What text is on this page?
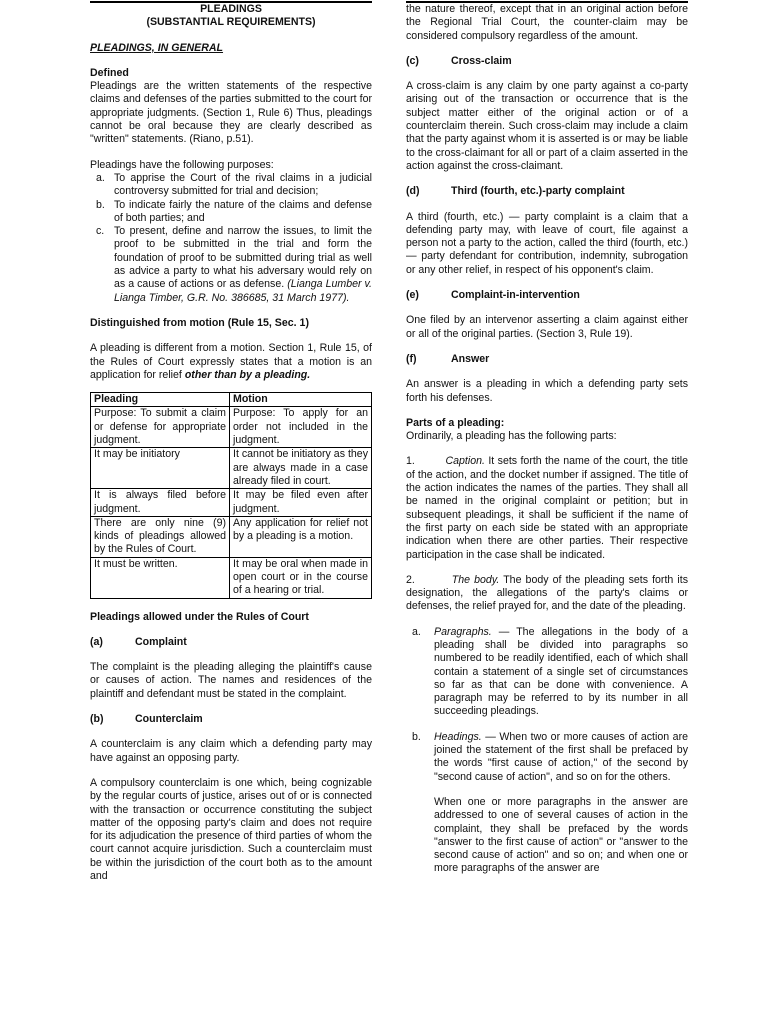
PLEADINGS
(SUBSTANTIAL REQUIREMENTS)
PLEADINGS, IN GENERAL
Defined

Pleadings are the written statements of the respective claims and defenses of the parties submitted to the court for appropriate judgments. (Section 1, Rule 6) Thus, pleadings cannot be oral because they are clearly described as "written" statements. (Riano, p.51).

Pleadings have the following purposes:

a. To apprise the Court of the rival claims in a judicial controversy submitted for trial and decision;
b. To indicate fairly the nature of the claims and defense of both parties; and
c. To present, define and narrow the issues, to limit the proof to be submitted in the trial and form the foundation of proof to be submitted during trial as well as advice a party to what his adversary would rely on as a cause of actions or as defense. (Lianga Lumber v. Lianga Timber, G.R. No. 386685, 31 March 1977).
Distinguished from motion (Rule 15, Sec. 1)

A pleading is different from a motion. Section 1, Rule 15, of the Rules of Court expressly states that a motion is an application for relief other than by a pleading.

Pleading	Motion
Purpose: To submit a claim or defense for appropriate judgment.	Purpose: To apply for an order not included in the judgment.
It may be initiatory	It cannot be initiatory as they are always made in a case already filed in court.
It is always filed before judgment.	It may be filed even after judgment.
There are only nine (9) kinds of pleadings allowed by the Rules of Court.	Any application for relief not by a pleading is a motion.
It must be written.	It may be oral when made in open court or in the course of a hearing or trial.
Pleadings allowed under the Rules of Court
(a)	Complaint

The complaint is the pleading alleging the plaintiff's cause or causes of action. The names and residences of the plaintiff and defendant must be stated in the complaint.

(b)	Counterclaim

A counterclaim is any claim which a defending party may have against an opposing party.

A compulsory counterclaim is one which, being cognizable by the regular courts of justice, arises out of or is connected with the transaction or occurrence constituting the subject matter of the opposing party's claim and does not require for its adjudication the presence of third parties of whom the court cannot acquire jurisdiction. Such a counterclaim must be within the jurisdiction of the court both as to the amount and

the nature thereof, except that in an original action before the Regional Trial Court, the counter-claim may be considered compulsory regardless of the amount.

(c)	Cross-claim

A cross-claim is any claim by one party against a co-party arising out of the transaction or occurrence that is the subject matter either of the original action or of a counterclaim therein. Such cross-claim may include a claim that the party against whom it is asserted is or may be liable to the cross-claimant for all or part of a claim asserted in the action against the cross-claimant.

(d)	Third (fourth, etc.)-party complaint

A third (fourth, etc.) — party complaint is a claim that a defending party may, with leave of court, file against a person not a party to the action, called the third (fourth, etc.) — party defendant for contribution, indemnity, subrogation or any other relief, in respect of his opponent's claim.

(e)	Complaint-in-intervention

One filed by an intervenor asserting a claim against either or all of the original parties. (Section 3, Rule 19).

(f)	Answer

An answer is a pleading in which a defending party sets forth his defenses.

Parts of a pleading:

Ordinarily, a pleading has the following parts:

1.	Caption. It sets forth the name of the court, the title of the action, and the docket number if assigned. The title of the action indicates the names of the parties. They shall all be named in the original complaint or petition; but in subsequent pleadings, it shall be sufficient if the name of the first party on each side be stated with an appropriate indication when there are other parties. Their respective participation in the case shall be indicated.

2.	The body. The body of the pleading sets forth its designation, the allegations of the party's claims or defenses, the relief prayed for, and the date of the pleading.

a.	Paragraphs. — The allegations in the body of a pleading shall be divided into paragraphs so numbered to be readily identified, each of which shall contain a statement of a single set of circumstances so far as that can be done with convenience. A paragraph may be referred to by its number in all succeeding pleadings.
b.	Headings. — When two or more causes of action are joined the statement of the first shall be prefaced by the words "first cause of action," of the second by "second cause of action", and so on for the others.
When one or more paragraphs in the answer are addressed to one of several causes of action in the complaint, they shall be prefaced by the words "answer to the first cause of action" or "answer to the second cause of action" and so on; and when one or more paragraphs of the answer are
